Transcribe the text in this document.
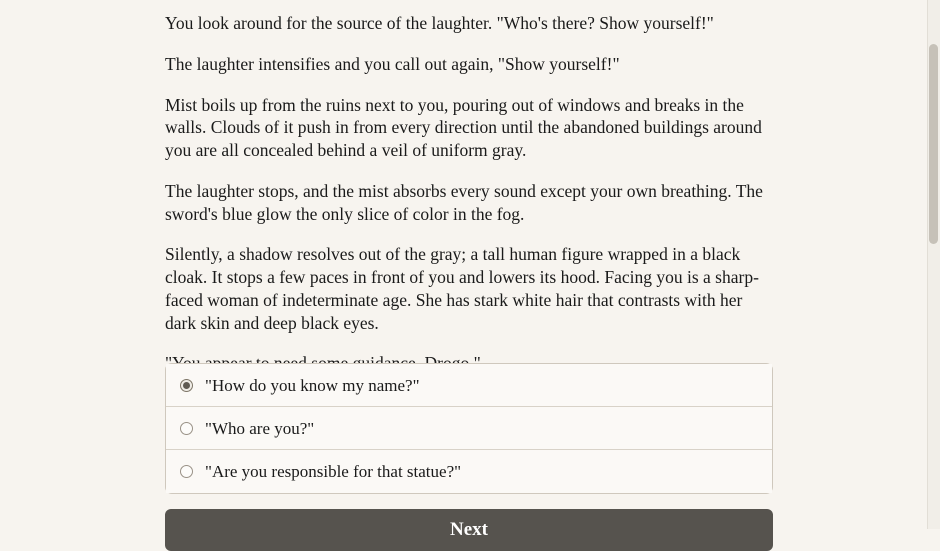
You look around for the source of the laughter. "Who's there? Show yourself!"

The laughter intensifies and you call out again, "Show yourself!"

Mist boils up from the ruins next to you, pouring out of windows and breaks in the walls. Clouds of it push in from every direction until the abandoned buildings around you are all concealed behind a veil of uniform gray.

The laughter stops, and the mist absorbs every sound except your own breathing. The sword's blue glow the only slice of color in the fog.

Silently, a shadow resolves out of the gray; a tall human figure wrapped in a black cloak. It stops a few paces in front of you and lowers its hood. Facing you is a sharp-faced woman of indeterminate age. She has stark white hair that contrasts with her dark skin and deep black eyes.

"How do you know my name?"
"Who are you?"
"Are you responsible for that statue?"
Next
